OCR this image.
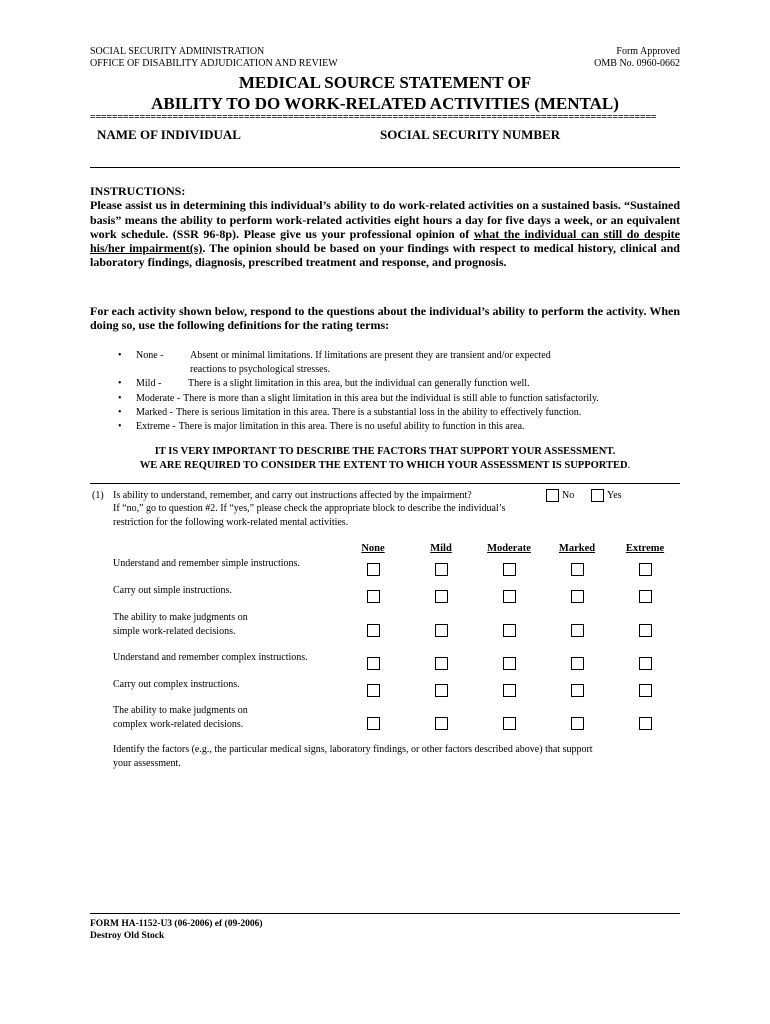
SOCIAL SECURITY ADMINISTRATION
OFFICE OF DISABILITY ADJUDICATION AND REVIEW
Form Approved
OMB No. 0960-0662
MEDICAL SOURCE STATEMENT OF
ABILITY TO DO WORK-RELATED ACTIVITIES (MENTAL)
=======================================================================================================
NAME OF INDIVIDUAL	SOCIAL SECURITY NUMBER

INSTRUCTIONS:

Please assist us in determining this individual’s ability to do work-related activities on a sustained basis. “Sustained basis” means the ability to perform work-related activities eight hours a day for five days a week, or an equivalent work schedule. (SSR 96-8p). Please give us your professional opinion of what the individual can still do despite his/her impairment(s). The opinion should be based on your findings with respect to medical history, clinical and laboratory findings, diagnosis, prescribed treatment and response, and prognosis.

For each activity shown below, respond to the questions about the individual’s ability to perform the activity. When doing so, use the following definitions for the rating terms:
•	None -	Absent or minimal limitations. If limitations are present they are transient and/or expected
reactions to psychological stresses.
•	Mild -	There is a slight limitation in this area, but the individual can generally function well.
•	Moderate - There is more than a slight limitation in this area but the individual is still able to function satisfactorily.
•	Marked - There is serious limitation in this area. There is a substantial loss in the ability to effectively function.
•	Extreme - There is major limitation in this area. There is no useful ability to function in this area.
IT IS VERY IMPORTANT TO DESCRIBE THE FACTORS THAT SUPPORT YOUR ASSESSMENT.
WE ARE REQUIRED TO CONSIDER THE EXTENT TO WHICH YOUR ASSESSMENT IS SUPPORTED.
(1) Is ability to understand, remember, and carry out instructions affected by the impairment?	No	Yes
If “no,” go to question #2. If “yes,” please check the appropriate block to describe the individual’s
restriction for the following work-related mental activities.
None	Mild	Moderate	Marked	Extreme
Understand and remember simple instructions.
Carry out simple instructions.
The ability to make judgments on
simple work-related decisions.
Understand and remember complex instructions.
Carry out complex instructions.
The ability to make judgments on
complex work-related decisions.
Identify the factors (e.g., the particular medical signs, laboratory findings, or other factors described above) that support
your assessment.
FORM HA-1152-U3 (06-2006) ef (09-2006)
Destroy Old Stock
